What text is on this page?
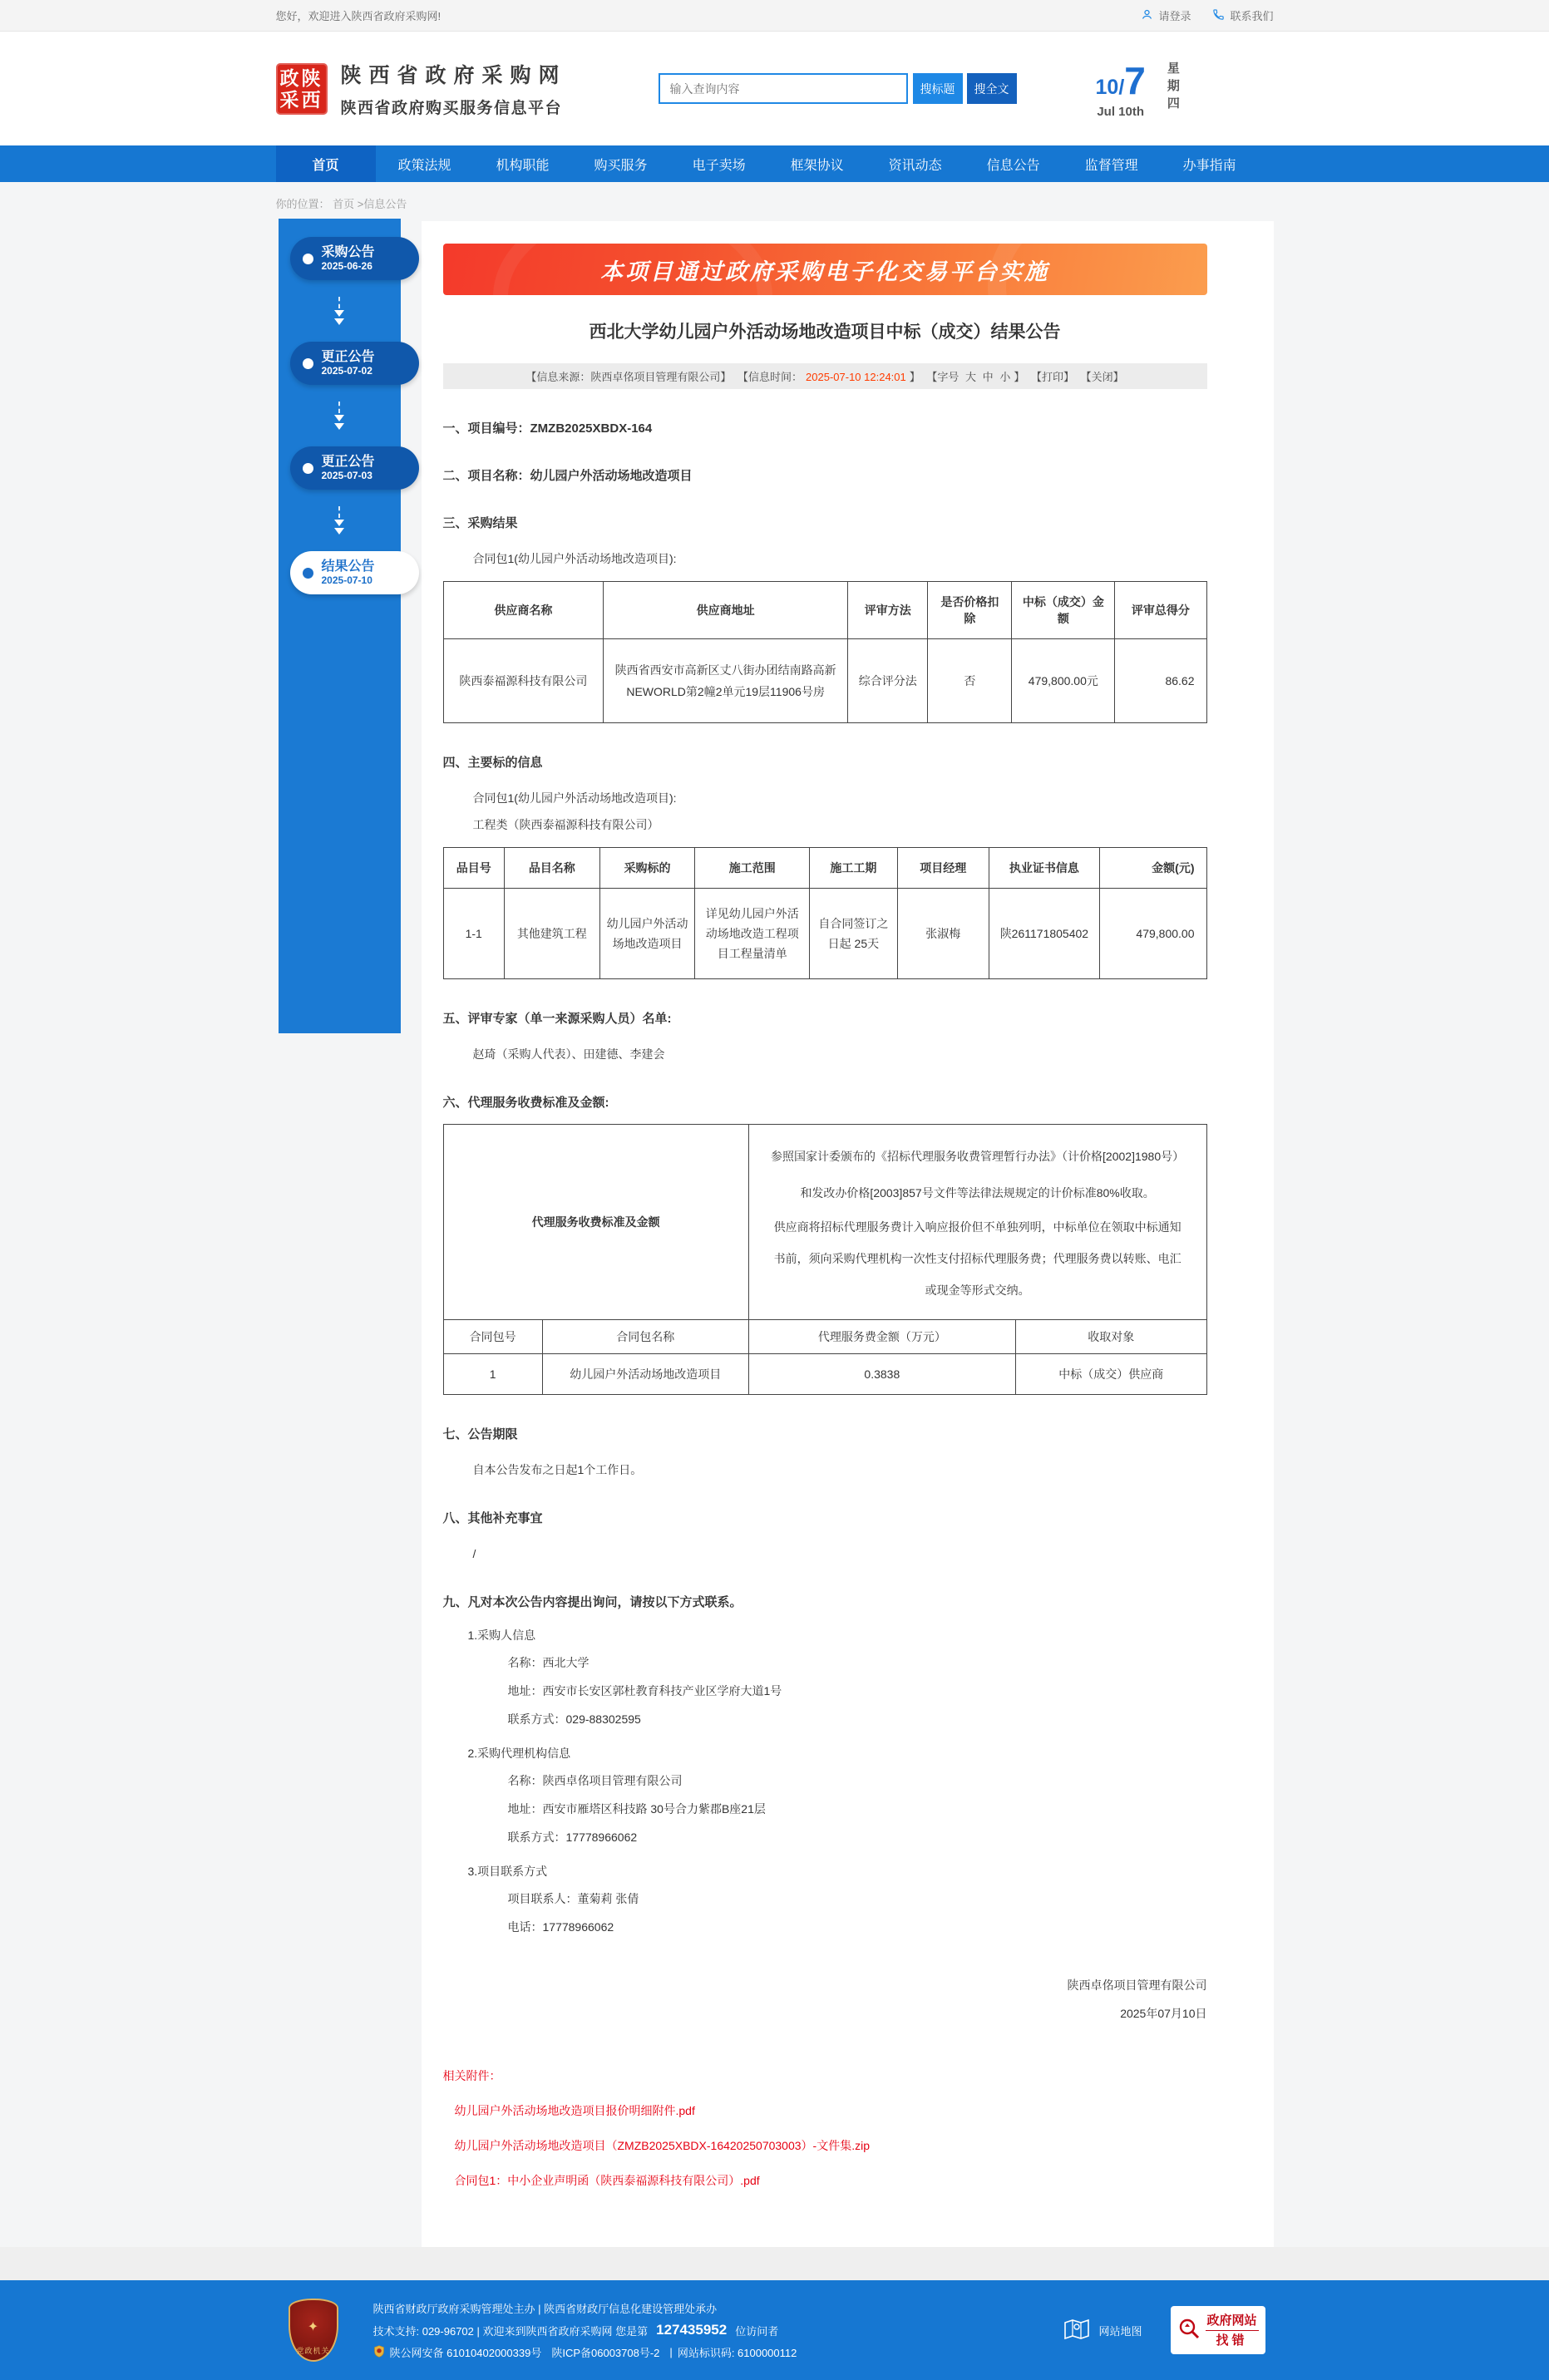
您好，欢迎进入陕西省政府采购网!	请登录	联系我们
政陕
采西
陕西省政府采购网
陕西省政府购买服务信息平台
输入查询内容
搜标题	搜全文	10/7
Jul 10th 星期四
首页	政策法规	机构职能	购买服务	电子卖场	框架协议	资讯动态	信息公告	监督管理	办事指南
你的位置： 首页 >信息公告
采购公告
2025-06-26
更正公告
2025-07-02
更正公告
2025-07-03
结果公告
2025-07-10
本项目通过政府采购电子化交易平台实施
西北大学幼儿园户外活动场地改造项目中标（成交）结果公告
【信息来源：陕西卓佲项目管理有限公司】 【信息时间： 2025-07-10 12:24:01 】 【字号 大 中 小 】 【打印】 【关闭】
一、项目编号：ZMZB2025XBDX-164
二、项目名称：幼儿园户外活动场地改造项目
三、采购结果
合同包1(幼儿园户外活动场地改造项目):
供应商名称	供应商地址	评审方法	是否价格扣除	中标（成交）金额	评审总得分
陕西泰福源科技有限公司	陕西省西安市高新区丈八街办团结南路高新NEWORLD第2幢2单元19层11906号房	综合评分法	否	479,800.00元	86.62
四、主要标的信息
合同包1(幼儿园户外活动场地改造项目):
工程类（陕西泰福源科技有限公司）
品目号	品目名称	采购标的	施工范围	施工工期	项目经理	执业证书信息	金额(元)
1-1	其他建筑工程	幼儿园户外活动场地改造项目	详见幼儿园户外活动场地改造工程项目工程量清单	自合同签订之日起 25天	张淑梅	陕261171805402	479,800.00
五、评审专家（单一来源采购人员）名单:
赵琦（采购人代表）、田建德、李建会
六、代理服务收费标准及金额:
代理服务收费标准及金额		参照国家计委颁布的《招标代理服务收费管理暂行办法》（计价格[2002]1980号）和发改办价格[2003]857号文件等法律法规规定的计价标准80%收取。

供应商将招标代理服务费计入响应报价但不单独列明，中标单位在领取中标通知书前，须向采购代理机构一次性支付招标代理服务费；代理服务费以转账、电汇或现金等形式交纳。	

合同包号	合同包名称	代理服务费金额（万元）	收取对象
1	幼儿园户外活动场地改造项目	0.3838	中标（成交）供应商
七、公告期限
自本公告发布之日起1个工作日。
八、其他补充事宜
/
九、凡对本次公告内容提出询问，请按以下方式联系。
1.采购人信息
名称：西北大学
地址：西安市长安区郭杜教育科技产业区学府大道1号
联系方式：029-88302595
2.采购代理机构信息
名称：陕西卓佲项目管理有限公司
地址：西安市雁塔区科技路 30号合力紫郡B座21层
联系方式：17778966062
3.项目联系方式
项目联系人：董菊莉 张倩
电话：17778966062
陕西卓佲项目管理有限公司
2025年07月10日
相关附件：
幼儿园户外活动场地改造项目报价明细附件.pdf
幼儿园户外活动场地改造项目（ZMZB2025XBDX-16420250703003）-文件集.zip
合同包1：中小企业声明函（陕西泰福源科技有限公司）.pdf
✦
党政机关
陕西省财政厅政府采购管理处主办 | 陕西省财政厅信息化建设管理处承办
技术支持: 029-96702 | 欢迎来到陕西省政府采购网 您是第 127435952 位访问者
陕公网安备 61010402000339号 陕ICP备06003708号-2 | 网站标识码: 6100000112
网站地图
政府网站
找错
